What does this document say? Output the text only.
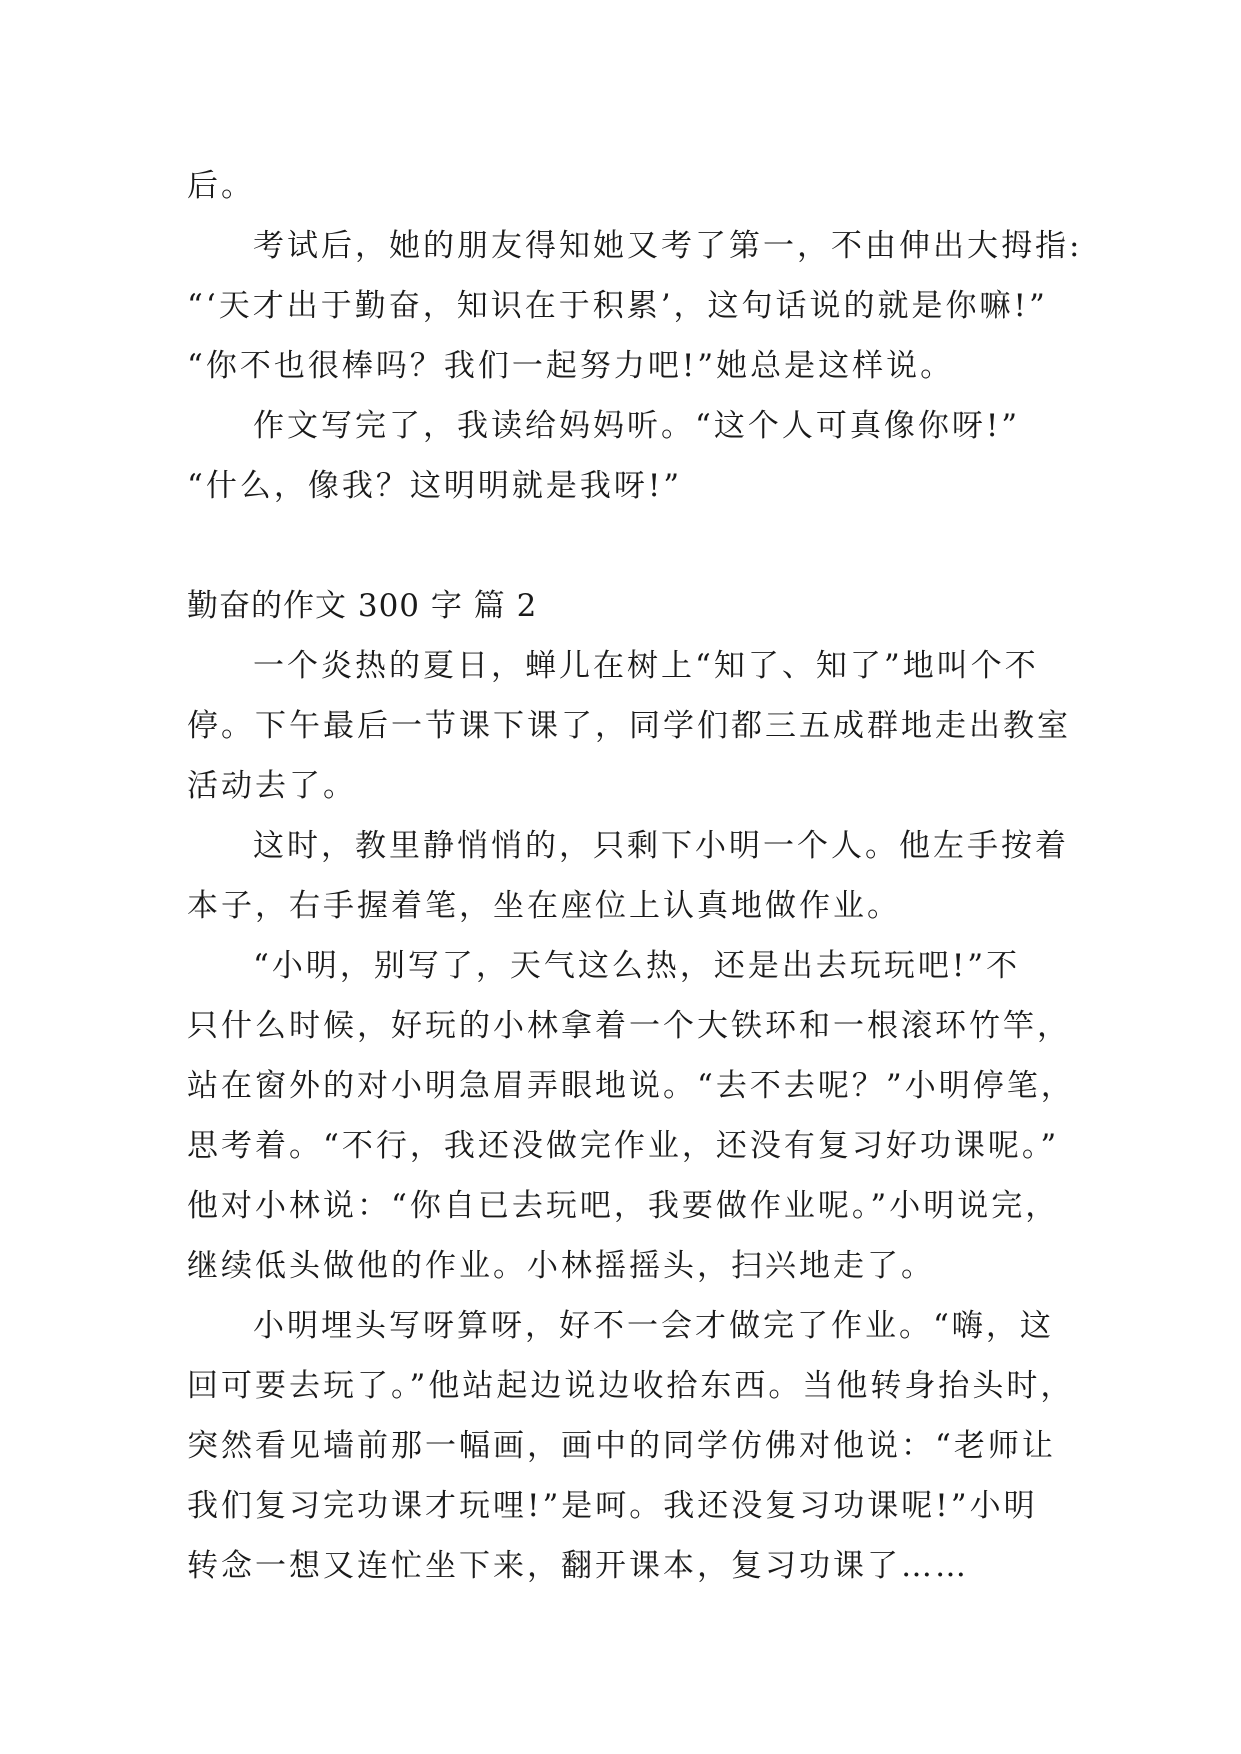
后。
考试后，她的朋友得知她又考了第一，不由伸出大拇指:
“‘天才出于勤奋，知识在于积累’，这句话说的就是你嘛!”
“你不也很棒吗？我们一起努力吧!”她总是这样说。
作文写完了，我读给妈妈听。“这个人可真像你呀!”
“什么，像我？这明明就是我呀!”
勤奋的作文 300 字 篇 2
一个炎热的夏日，蝉儿在树上“知了、知了”地叫个不
停。下午最后一节课下课了，同学们都三五成群地走出教室
活动去了。
这时，教里静悄悄的，只剩下小明一个人。他左手按着
本子，右手握着笔，坐在座位上认真地做作业。
“小明，别写了，天气这么热，还是出去玩玩吧!”不
只什么时候，好玩的小林拿着一个大铁环和一根滚环竹竿，
站在窗外的对小明急眉弄眼地说。“去不去呢？”小明停笔，
思考着。“不行，我还没做完作业，还没有复习好功课呢。”
他对小林说：“你自已去玩吧，我要做作业呢。”小明说完，
继续低头做他的作业。小林摇摇头，扫兴地走了。
小明埋头写呀算呀，好不一会才做完了作业。“嗨，这
回可要去玩了。”他站起边说边收拾东西。当他转身抬头时，
突然看见墙前那一幅画，画中的同学仿佛对他说：“老师让
我们复习完功课才玩哩!”是呵。我还没复习功课呢!”小明
转念一想又连忙坐下来，翻开课本，复习功课了……
